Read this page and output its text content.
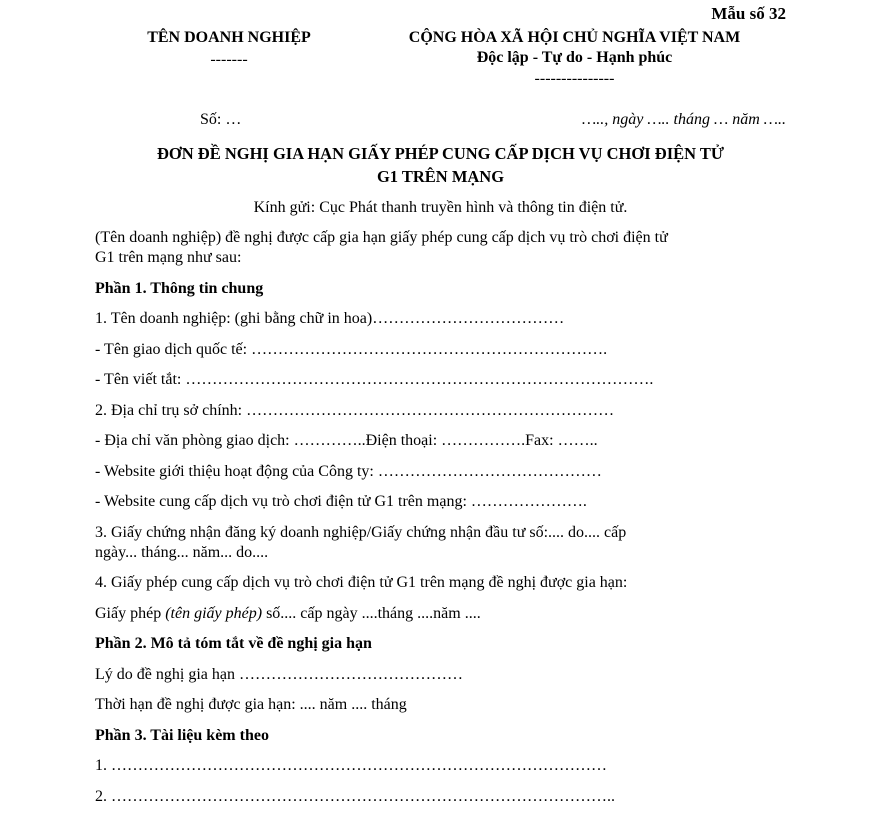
Mẫu số 32
TÊN DOANH NGHIỆP
-------
CỘNG HÒA XÃ HỘI CHỦ NGHĨA VIỆT NAM
Độc lập - Tự do - Hạnh phúc
---------------
Số: …	….., ngày ….. tháng … năm …..
ĐƠN ĐỀ NGHỊ GIA HẠN GIẤY PHÉP CUNG CẤP DỊCH VỤ CHƠI ĐIỆN TỬ
G1 TRÊN MẠNG

Kính gửi: Cục Phát thanh truyền hình và thông tin điện tử.

(Tên doanh nghiệp) đề nghị được cấp gia hạn giấy phép cung cấp dịch vụ trò chơi điện tử
G1 trên mạng như sau:

Phần 1. Thông tin chung

1. Tên doanh nghiệp: (ghi bằng chữ in hoa)………………………………

- Tên giao dịch quốc tế: ………………………………………………………….

- Tên viết tắt: …………………………………………………………………………….

2. Địa chỉ trụ sở chính: ……………………………………………………………

- Địa chỉ văn phòng giao dịch: …………..Điện thoại: …………….Fax: ……..

- Website giới thiệu hoạt động của Công ty: ……………………………………

- Website cung cấp dịch vụ trò chơi điện tử G1 trên mạng: ………………….

3. Giấy chứng nhận đăng ký doanh nghiệp/Giấy chứng nhận đầu tư số:.... do.... cấp
ngày... tháng... năm... do....

4. Giấy phép cung cấp dịch vụ trò chơi điện tử G1 trên mạng đề nghị được gia hạn:

Giấy phép (tên giấy phép) số.... cấp ngày ....tháng ....năm ....

Phần 2. Mô tả tóm tắt về đề nghị gia hạn

Lý do đề nghị gia hạn ……………………………………

Thời hạn đề nghị được gia hạn: .... năm .... tháng

Phần 3. Tài liệu kèm theo

1. …………………………………………………………………………………

2. …………………………………………………………………………………..
